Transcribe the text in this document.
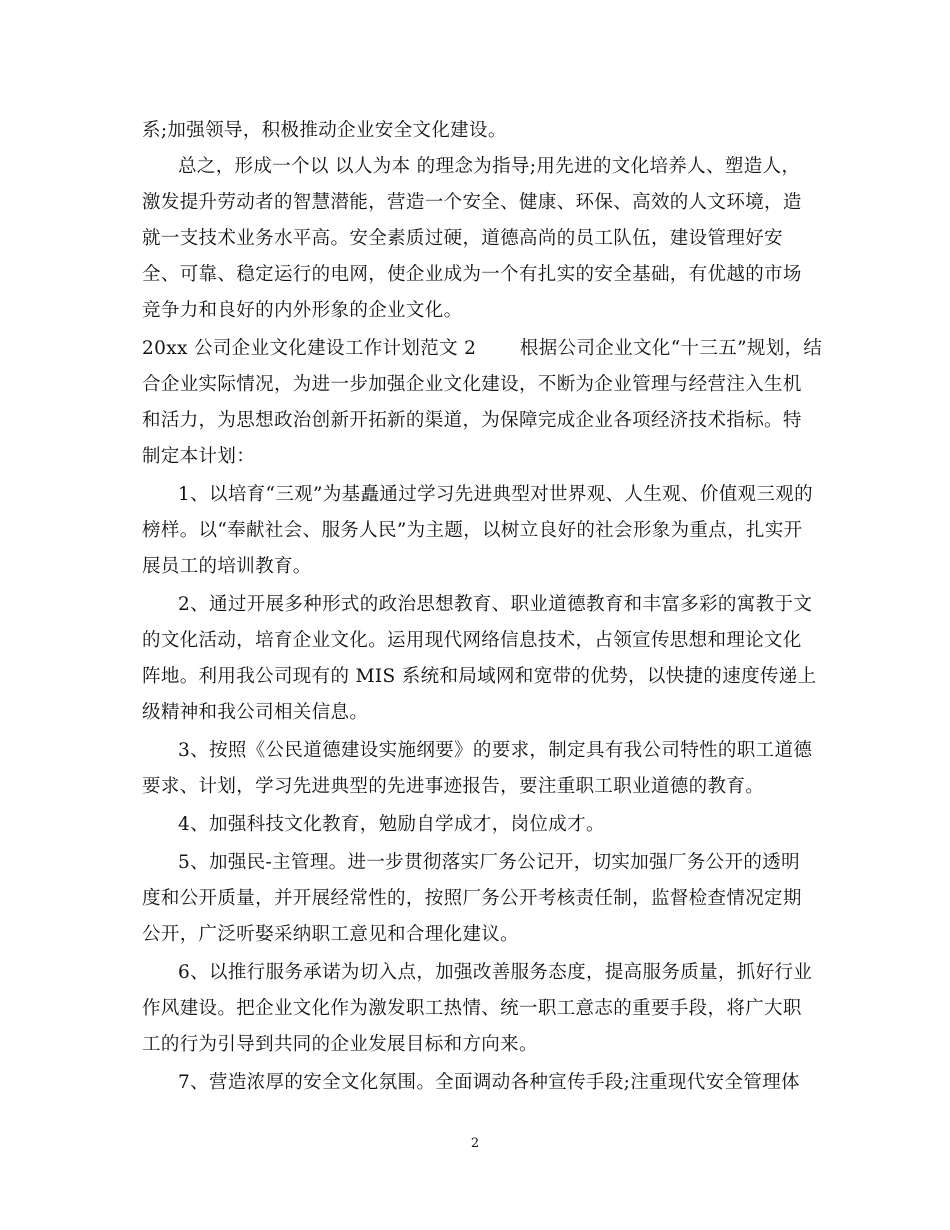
系;加强领导，积极推动企业安全文化建设。
总之，形成一个以 以人为本 的理念为指导;用先进的文化培养人、塑造人，
激发提升劳动者的智慧潜能，营造一个安全、健康、环保、高效的人文环境，造
就一支技术业务水平高。安全素质过硬，道德高尚的员工队伍，建设管理好安
全、可靠、稳定运行的电网，使企业成为一个有扎实的安全基础，有优越的市场
竞争力和良好的内外形象的企业文化。
20xx 公司企业文化建设工作计划范文 2       根据公司企业文化“十三五”规划，结
合企业实际情况，为进一步加强企业文化建设，不断为企业管理与经营注入生机
和活力，为思想政治创新开拓新的渠道，为保障完成企业各项经济技术指标。特
制定本计划：
1、以培育“三观”为基矗通过学习先进典型对世界观、人生观、价值观三观的
榜样。以“奉献社会、服务人民”为主题，以树立良好的社会形象为重点，扎实开
展员工的培训教育。
2、通过开展多种形式的政治思想教育、职业道德教育和丰富多彩的寓教于文
的文化活动，培育企业文化。运用现代网络信息技术，占领宣传思想和理论文化
阵地。利用我公司现有的 MIS 系统和局域网和宽带的优势，以快捷的速度传递上
级精神和我公司相关信息。
3、按照《公民道德建设实施纲要》的要求，制定具有我公司特性的职工道德
要求、计划，学习先进典型的先进事迹报告，要注重职工职业道德的教育。
4、加强科技文化教育，勉励自学成才，岗位成才。
5、加强民-主管理。进一步贯彻落实厂务公记开，切实加强厂务公开的透明
度和公开质量，并开展经常性的，按照厂务公开考核责任制，监督检查情况定期
公开，广泛听娶采纳职工意见和合理化建议。
6、以推行服务承诺为切入点，加强改善服务态度，提高服务质量，抓好行业
作风建设。把企业文化作为激发职工热情、统一职工意志的重要手段，将广大职
工的行为引导到共同的企业发展目标和方向来。
7、营造浓厚的安全文化氛围。全面调动各种宣传手段;注重现代安全管理体
2
